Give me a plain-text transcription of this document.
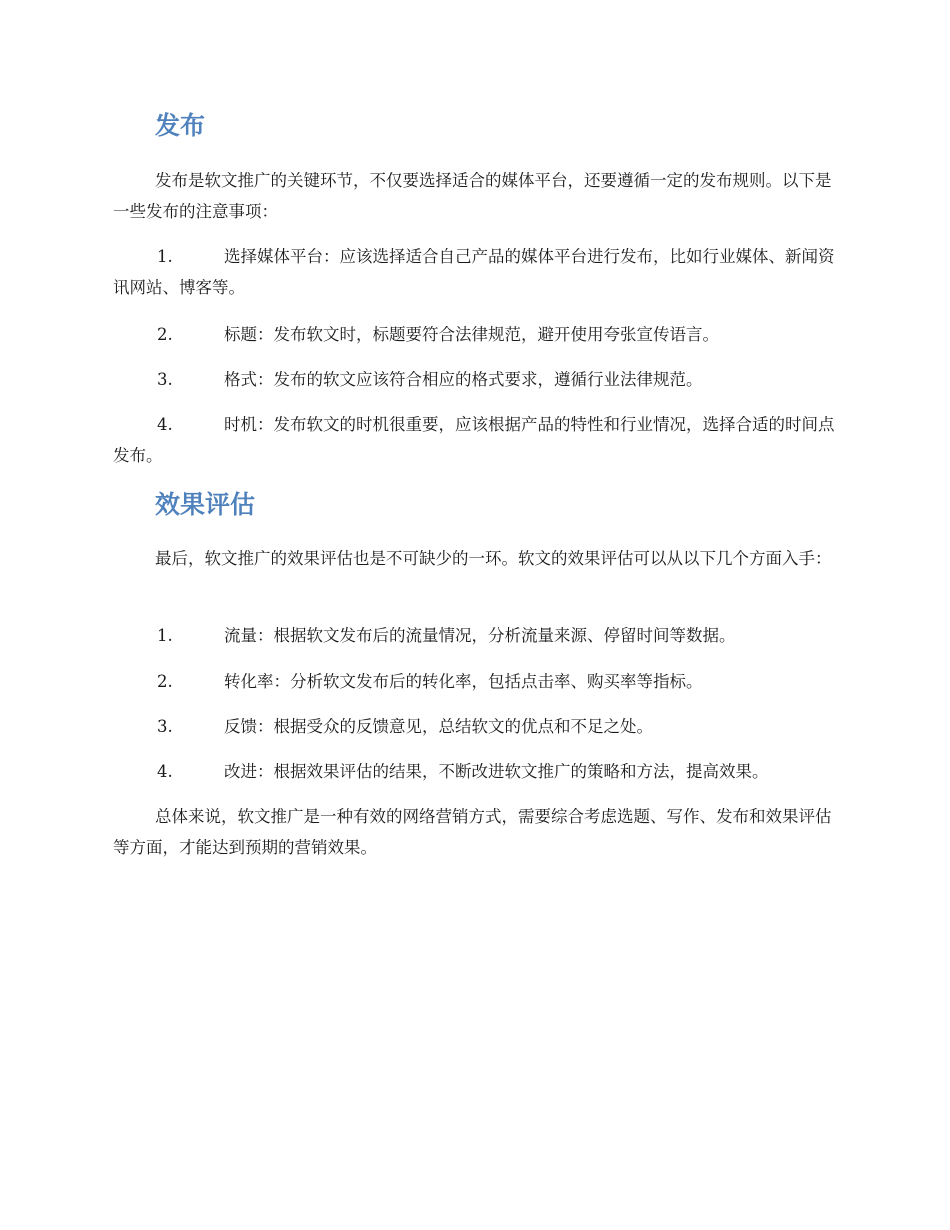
发布

发布是软文推广的关键环节，不仅要选择适合的媒体平台，还要遵循一定的发布规则。以下是一些发布的注意事项：

1.	选择媒体平台：应该选择适合自己产品的媒体平台进行发布，比如行业媒体、新闻资讯网站、博客等。
2.	标题：发布软文时，标题要符合法律规范，避开使用夸张宣传语言。
3.	格式：发布的软文应该符合相应的格式要求，遵循行业法律规范。
4.	时机：发布软文的时机很重要，应该根据产品的特性和行业情况，选择合适的时间点发布。
效果评估

最后，软文推广的效果评估也是不可缺少的一环。软文的效果评估可以从以下几个方面入手：

1.	流量：根据软文发布后的流量情况，分析流量来源、停留时间等数据。
2.	转化率：分析软文发布后的转化率，包括点击率、购买率等指标。
3.	反馈：根据受众的反馈意见，总结软文的优点和不足之处。
4.	改进：根据效果评估的结果，不断改进软文推广的策略和方法，提高效果。

总体来说，软文推广是一种有效的网络营销方式，需要综合考虑选题、写作、发布和效果评估等方面，才能达到预期的营销效果。
